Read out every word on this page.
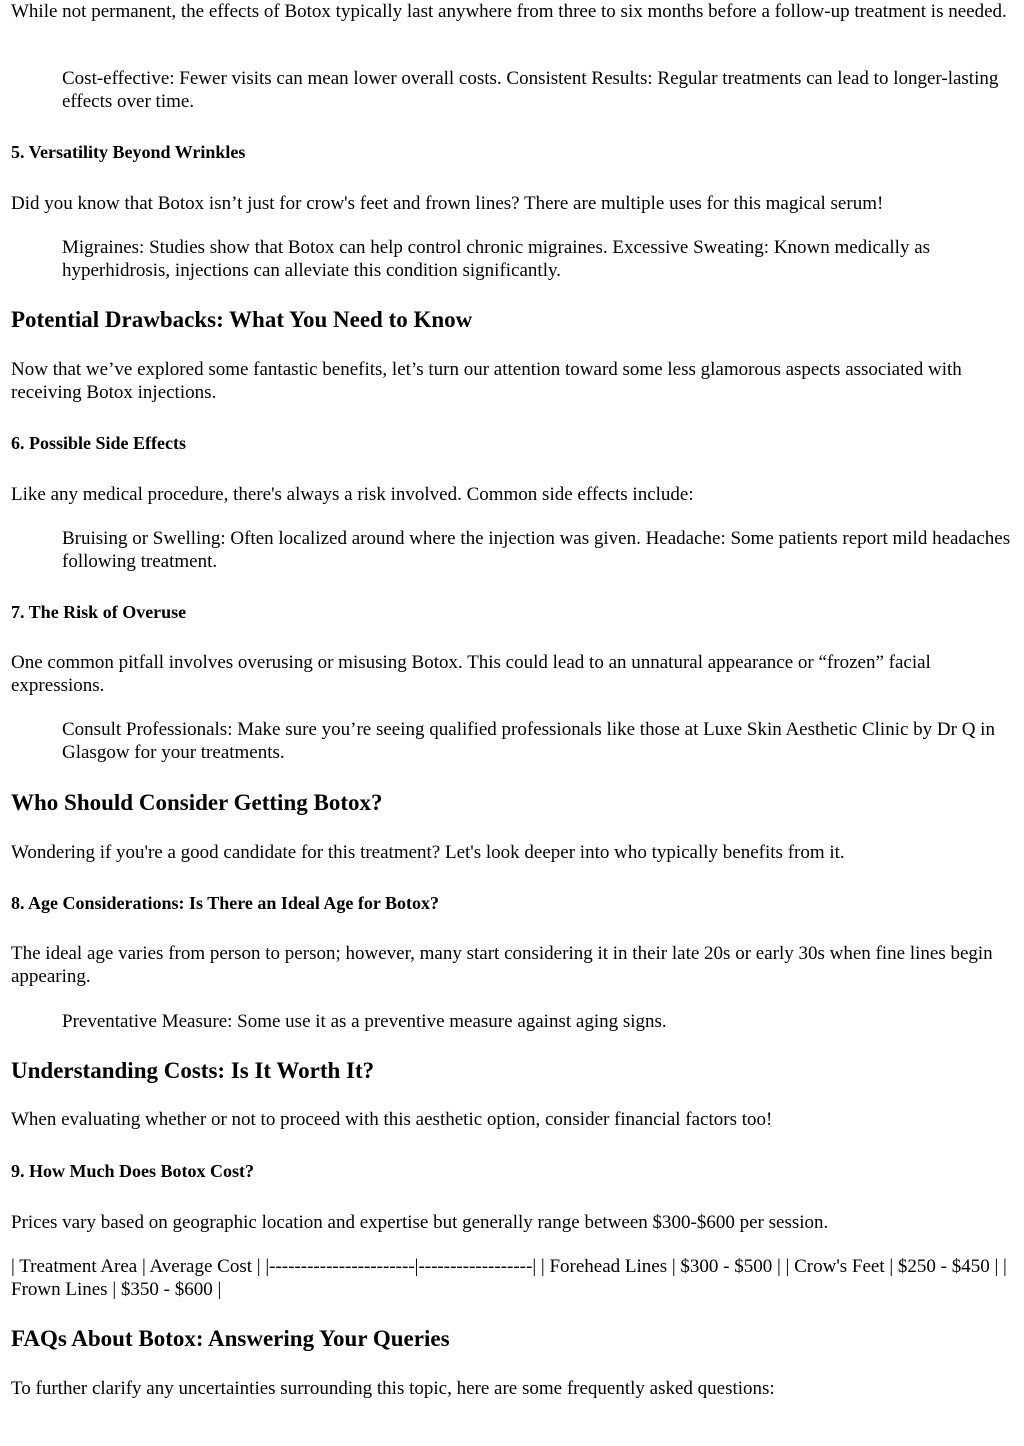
While not permanent, the effects of Botox typically last anywhere from three to six months before a follow-up treatment is needed.

Cost-effective: Fewer visits can mean lower overall costs. Consistent Results: Regular treatments can lead to longer-lasting effects over time.
5. Versatility Beyond Wrinkles

Did you know that Botox isn’t just for crow's feet and frown lines? There are multiple uses for this magical serum!

Migraines: Studies show that Botox can help control chronic migraines. Excessive Sweating: Known medically as hyperhidrosis, injections can alleviate this condition significantly.
Potential Drawbacks: What You Need to Know

Now that we’ve explored some fantastic benefits, let’s turn our attention toward some less glamorous aspects associated with receiving Botox injections.

6. Possible Side Effects

Like any medical procedure, there's always a risk involved. Common side effects include:

Bruising or Swelling: Often localized around where the injection was given. Headache: Some patients report mild headaches following treatment.
7. The Risk of Overuse

One common pitfall involves overusing or misusing Botox. This could lead to an unnatural appearance or “frozen” facial expressions.

Consult Professionals: Make sure you’re seeing qualified professionals like those at Luxe Skin Aesthetic Clinic by Dr Q in Glasgow for your treatments.
Who Should Consider Getting Botox?

Wondering if you're a good candidate for this treatment? Let's look deeper into who typically benefits from it.

8. Age Considerations: Is There an Ideal Age for Botox?

The ideal age varies from person to person; however, many start considering it in their late 20s or early 30s when fine lines begin appearing.

Preventative Measure: Some use it as a preventive measure against aging signs.
Understanding Costs: Is It Worth It?

When evaluating whether or not to proceed with this aesthetic option, consider financial factors too!

9. How Much Does Botox Cost?

Prices vary based on geographic location and expertise but generally range between $300-$600 per session.

| Treatment Area | Average Cost | |-----------------------|------------------| | Forehead Lines | $300 - $500 | | Crow's Feet | $250 - $450 | | Frown Lines | $350 - $600 |

FAQs About Botox: Answering Your Queries

To further clarify any uncertainties surrounding this topic, here are some frequently asked questions:
